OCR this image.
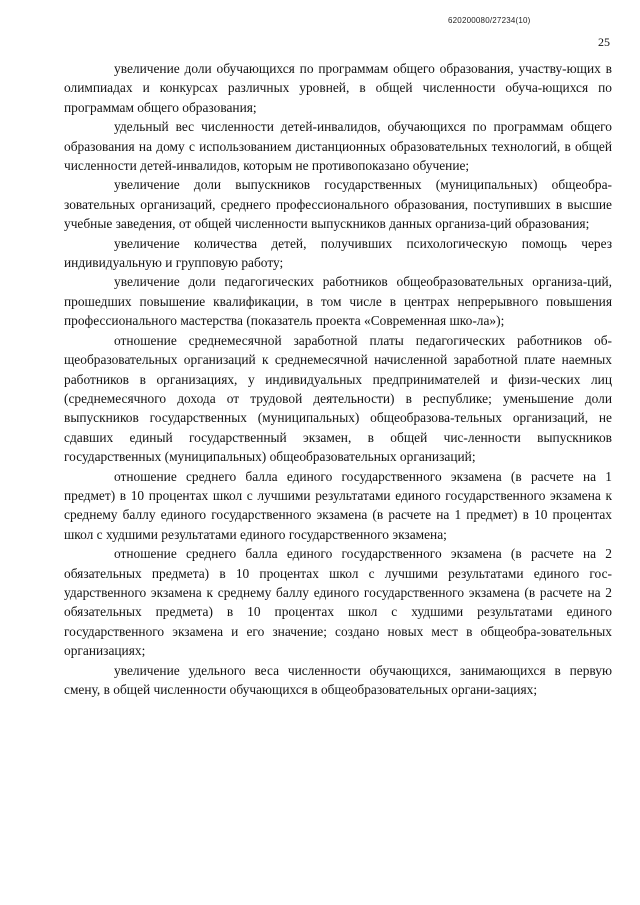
620200080/27234(10)
25

увеличение доли обучающихся по программам общего образования, участву-ющих в олимпиадах и конкурсах различных уровней, в общей численности обуча-ющихся по программам общего образования;

удельный вес численности детей-инвалидов, обучающихся по программам общего образования на дому с использованием дистанционных образовательных технологий, в общей численности детей-инвалидов, которым не противопоказано обучение;

увеличение доли выпускников государственных (муниципальных) общеобра-зовательных организаций, среднего профессионального образования, поступивших в высшие учебные заведения, от общей численности выпускников данных организа-ций образования;

увеличение количества детей, получивших психологическую помощь через индивидуальную и групповую работу;

увеличение доли педагогических работников общеобразовательных организа-ций, прошедших повышение квалификации, в том числе в центрах непрерывного повышения профессионального мастерства (показатель проекта «Современная шко-ла»);

отношение среднемесячной заработной платы педагогических работников об-щеобразовательных организаций к среднемесячной начисленной заработной плате наемных работников в организациях, у индивидуальных предпринимателей и физи-ческих лиц (среднемесячного дохода от трудовой деятельности) в республике; уменьшение доли выпускников государственных (муниципальных) общеобразова-тельных организаций, не сдавших единый государственный экзамен, в общей чис-ленности выпускников государственных (муниципальных) общеобразовательных организаций;

отношение среднего балла единого государственного экзамена (в расчете на 1 предмет) в 10 процентах школ с лучшими результатами единого государственного экзамена к среднему баллу единого государственного экзамена (в расчете на 1 предмет) в 10 процентах школ с худшими результатами единого государственного экзамена;

отношение среднего балла единого государственного экзамена (в расчете на 2 обязательных предмета) в 10 процентах школ с лучшими результатами единого гос-ударственного экзамена к среднему баллу единого государственного экзамена (в расчете на 2 обязательных предмета) в 10 процентах школ с худшими результатами единого государственного экзамена и его значение; создано новых мест в общеобра-зовательных организациях;

увеличение удельного веса численности обучающихся, занимающихся в первую смену, в общей численности обучающихся в общеобразовательных органи-зациях;
